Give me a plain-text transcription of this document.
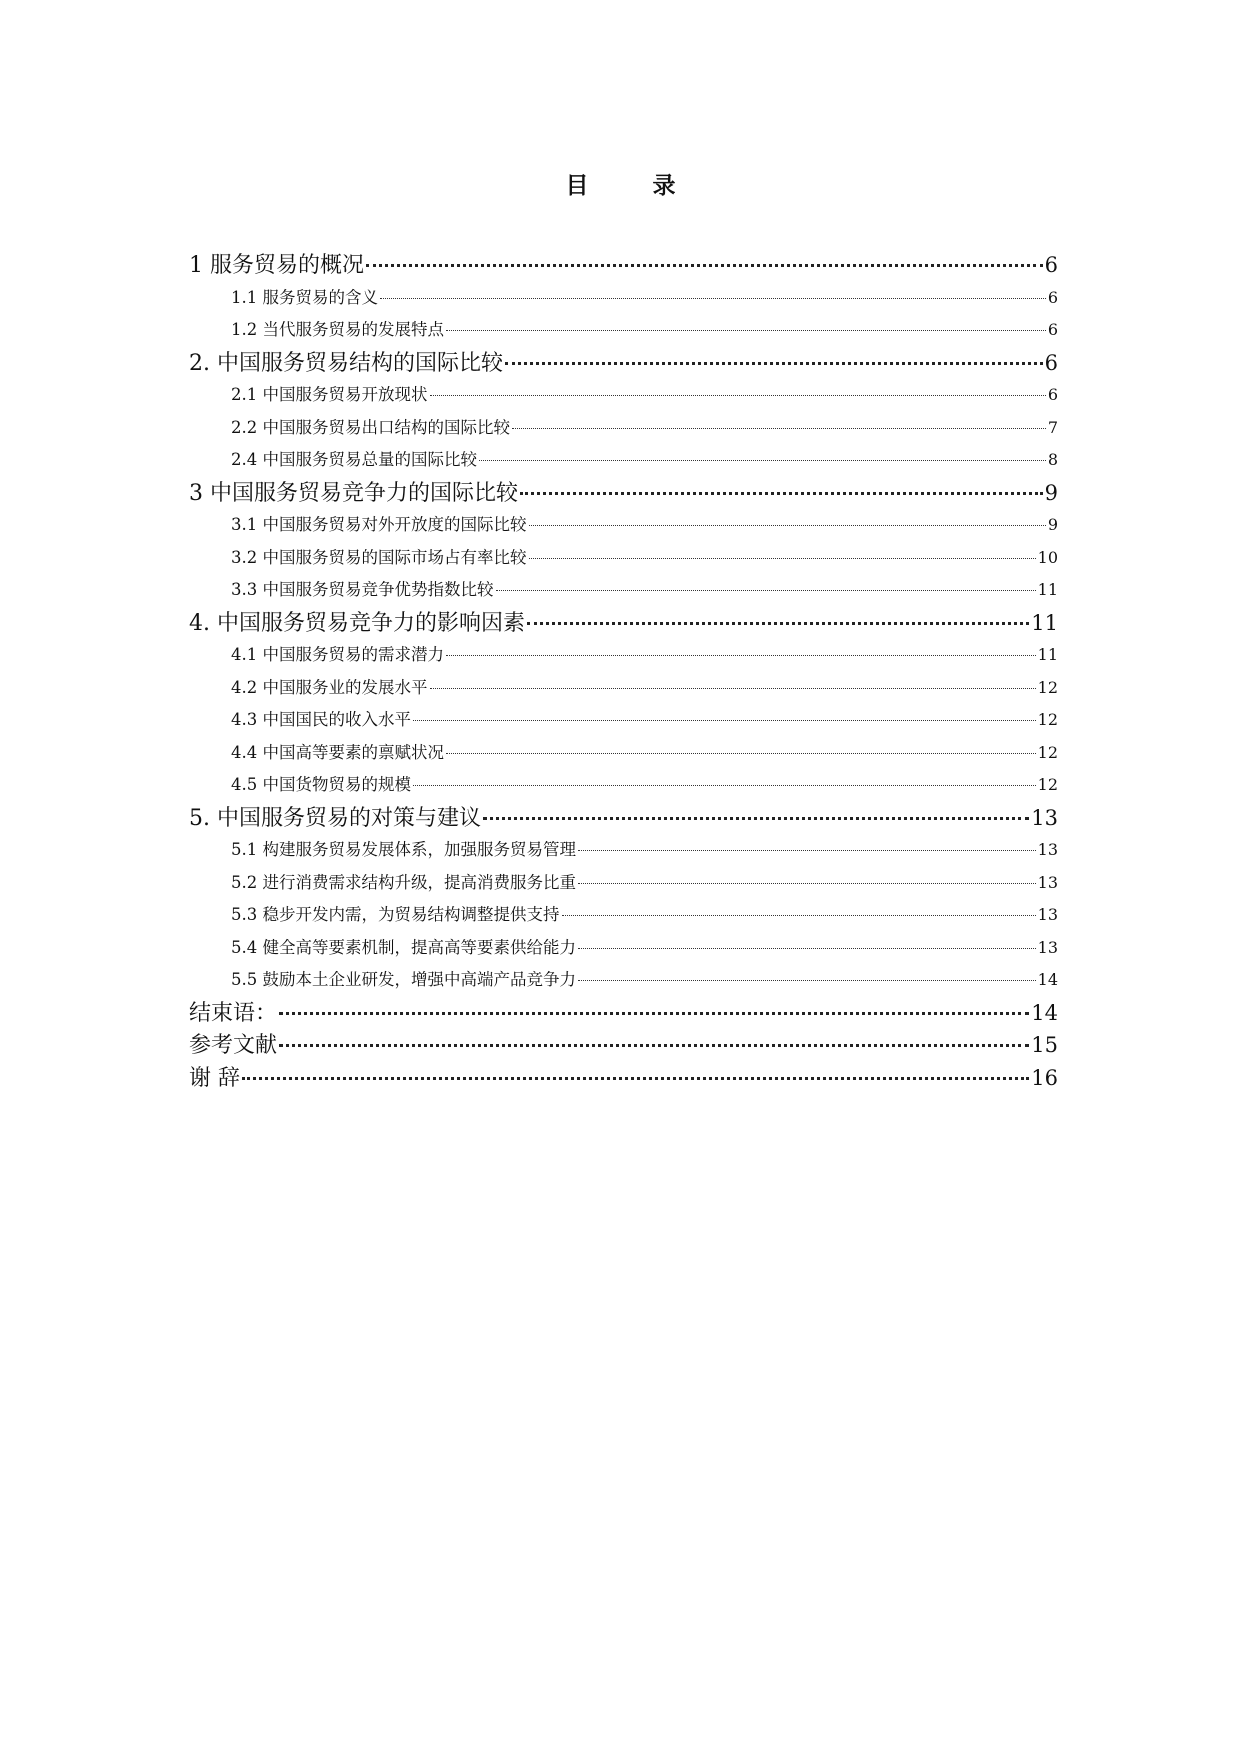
目 录
1 服务贸易的概况	6
1.1 服务贸易的含义	6
1.2 当代服务贸易的发展特点	6
2. 中国服务贸易结构的国际比较	6
2.1 中国服务贸易开放现状	6
2.2 中国服务贸易出口结构的国际比较	7
2.4 中国服务贸易总量的国际比较	8
3 中国服务贸易竞争力的国际比较	9
3.1 中国服务贸易对外开放度的国际比较	9
3.2 中国服务贸易的国际市场占有率比较	10
3.3 中国服务贸易竞争优势指数比较	11
4. 中国服务贸易竞争力的影响因素	11
4.1 中国服务贸易的需求潜力	11
4.2 中国服务业的发展水平	12
4.3 中国国民的收入水平	12
4.4 中国高等要素的禀赋状况	12
4.5 中国货物贸易的规模	12
5. 中国服务贸易的对策与建议	13
5.1 构建服务贸易发展体系，加强服务贸易管理	13
5.2 进行消费需求结构升级，提高消费服务比重	13
5.3 稳步开发内需，为贸易结构调整提供支持	13
5.4 健全高等要素机制，提高高等要素供给能力	13
5.5 鼓励本土企业研发，增强中高端产品竞争力	14
结束语：	14
参考文献	15
谢 辞	16
